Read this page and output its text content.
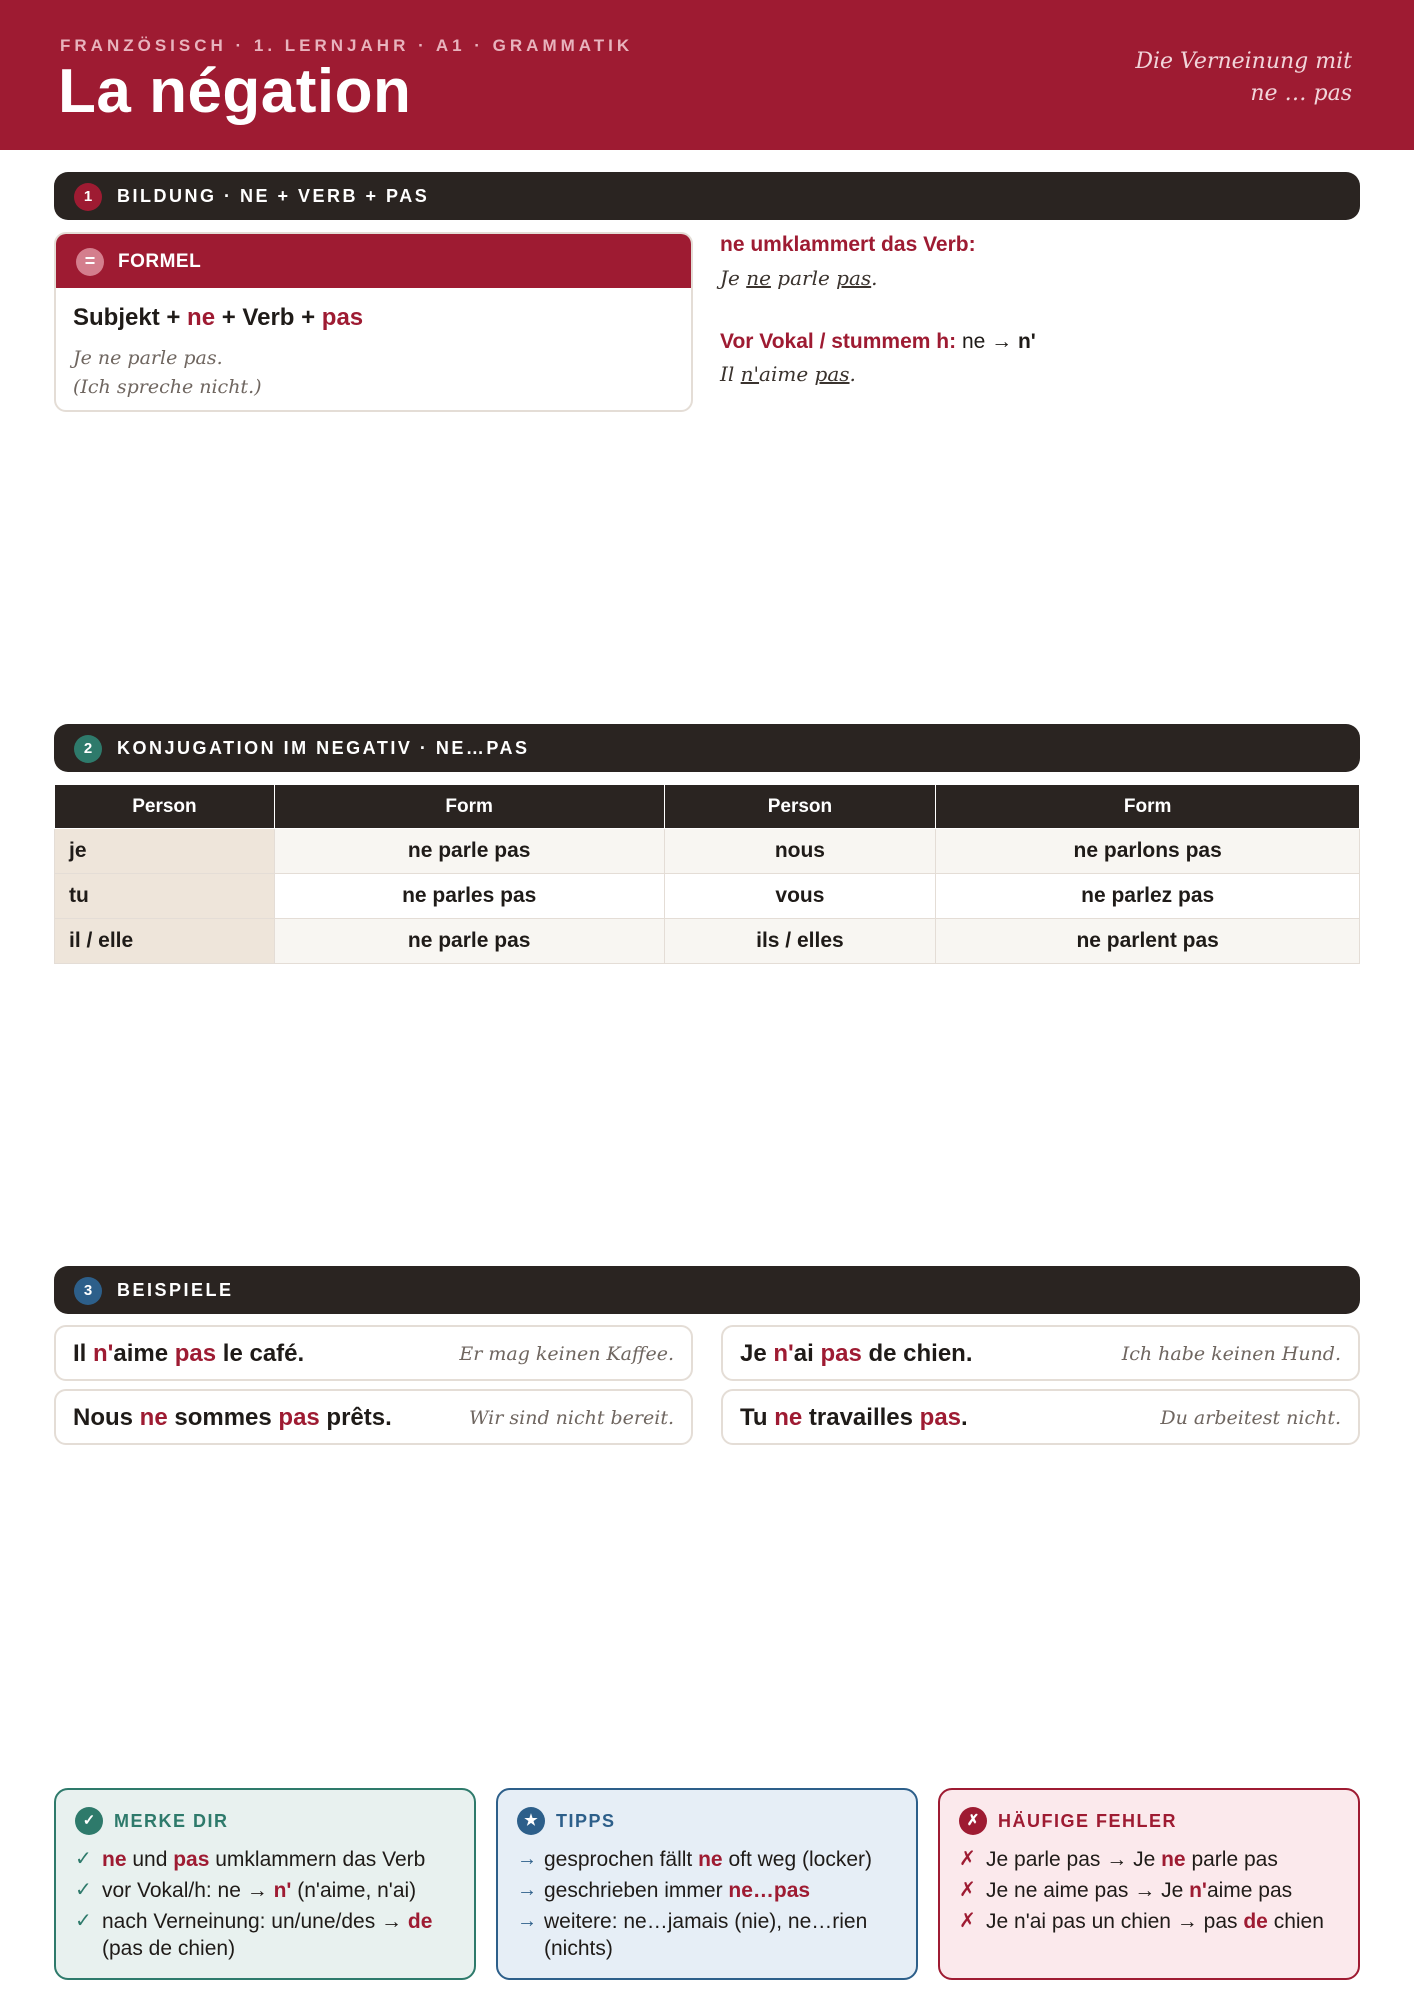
FRANZÖSISCH · 1. LERNJAHR · A1 · GRAMMATIK
La négation	Die Verneinung mit
ne … pas
1	BILDUNG · NE + VERB + PAS
=	FORMEL
Subjekt + ne + Verb + pas
Je ne parle pas.
(Ich spreche nicht.)
ne umklammert das Verb:
Je ne parle pas.
Vor Vokal / stummem h: ne → n'
Il n'aime pas.
2	KONJUGATION IM NEGATIV · NE…PAS
Person	Form	Person	Form
je	ne parle pas	nous	ne parlons pas
tu	ne parles pas	vous	ne parlez pas
il / elle	ne parle pas	ils / elles	ne parlent pas
3	BEISPIELE
Il n'aime pas le café.	Er mag keinen Kaffee.	Je n'ai pas de chien.	Ich habe keinen Hund.
Nous ne sommes pas prêts.	Wir sind nicht bereit.	Tu ne travailles pas.	Du arbeitest nicht.
✓	MERKE DIR
✓ ne und pas umklammern das Verb
✓ vor Vokal/h: ne → n' (n'aime, n'ai)
✓ nach Verneinung: un/une/des → de (pas de chien)
★	TIPPS
→ gesprochen fällt ne oft weg (locker)
→ geschrieben immer ne…pas
→ weitere: ne…jamais (nie), ne…rien (nichts)
✗	HÄUFIGE FEHLER
✗ Je parle pas → Je ne parle pas
✗ Je ne aime pas → Je n'aime pas
✗ Je n'ai pas un chien → pas de chien
